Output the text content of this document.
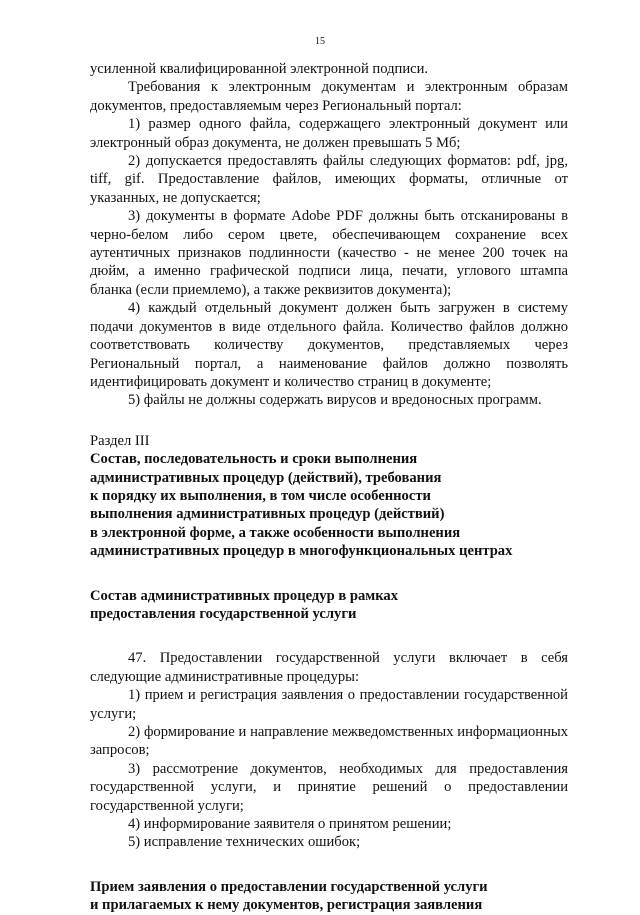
15

усиленной квалифицированной электронной подписи.

Требования к электронным документам и электронным образам документов, предоставляемым через Региональный портал:

1) размер одного файла, содержащего электронный документ или электронный образ документа, не должен превышать 5 Мб;

2) допускается предоставлять файлы следующих форматов: pdf, jpg, tiff, gif. Предоставление файлов, имеющих форматы, отличные от указанных, не допускается;

3) документы в формате Adobe PDF должны быть отсканированы в черно-белом либо сером цвете, обеспечивающем сохранение всех аутентичных признаков подлинности (качество - не менее 200 точек на дюйм, а именно графической подписи лица, печати, углового штампа бланка (если приемлемо), а также реквизитов документа);

4) каждый отдельный документ должен быть загружен в систему подачи документов в виде отдельного файла. Количество файлов должно соответствовать количеству документов, представляемых через Региональный портал, а наименование файлов должно позволять идентифицировать документ и количество страниц в документе;

5) файлы не должны содержать вирусов и вредоносных программ.

Раздел III

Состав, последовательность и сроки выполнения

административных процедур (действий), требования

к порядку их выполнения, в том числе особенности

выполнения административных процедур (действий)

в электронной форме, а также особенности выполнения

административных процедур в многофункциональных центрах

Состав административных процедур в рамках

предоставления государственной услуги

47. Предоставлении государственной услуги включает в себя следующие административные процедуры:

1) прием и регистрация заявления о предоставлении государственной услуги;

2) формирование и направление межведомственных информационных запросов;

3) рассмотрение документов, необходимых для предоставления государственной услуги, и принятие решений о предоставлении государственной услуги;

4) информирование заявителя о принятом решении;

5) исправление технических ошибок;

Прием заявления о предоставлении государственной услуги

и прилагаемых к нему документов, регистрация заявления
